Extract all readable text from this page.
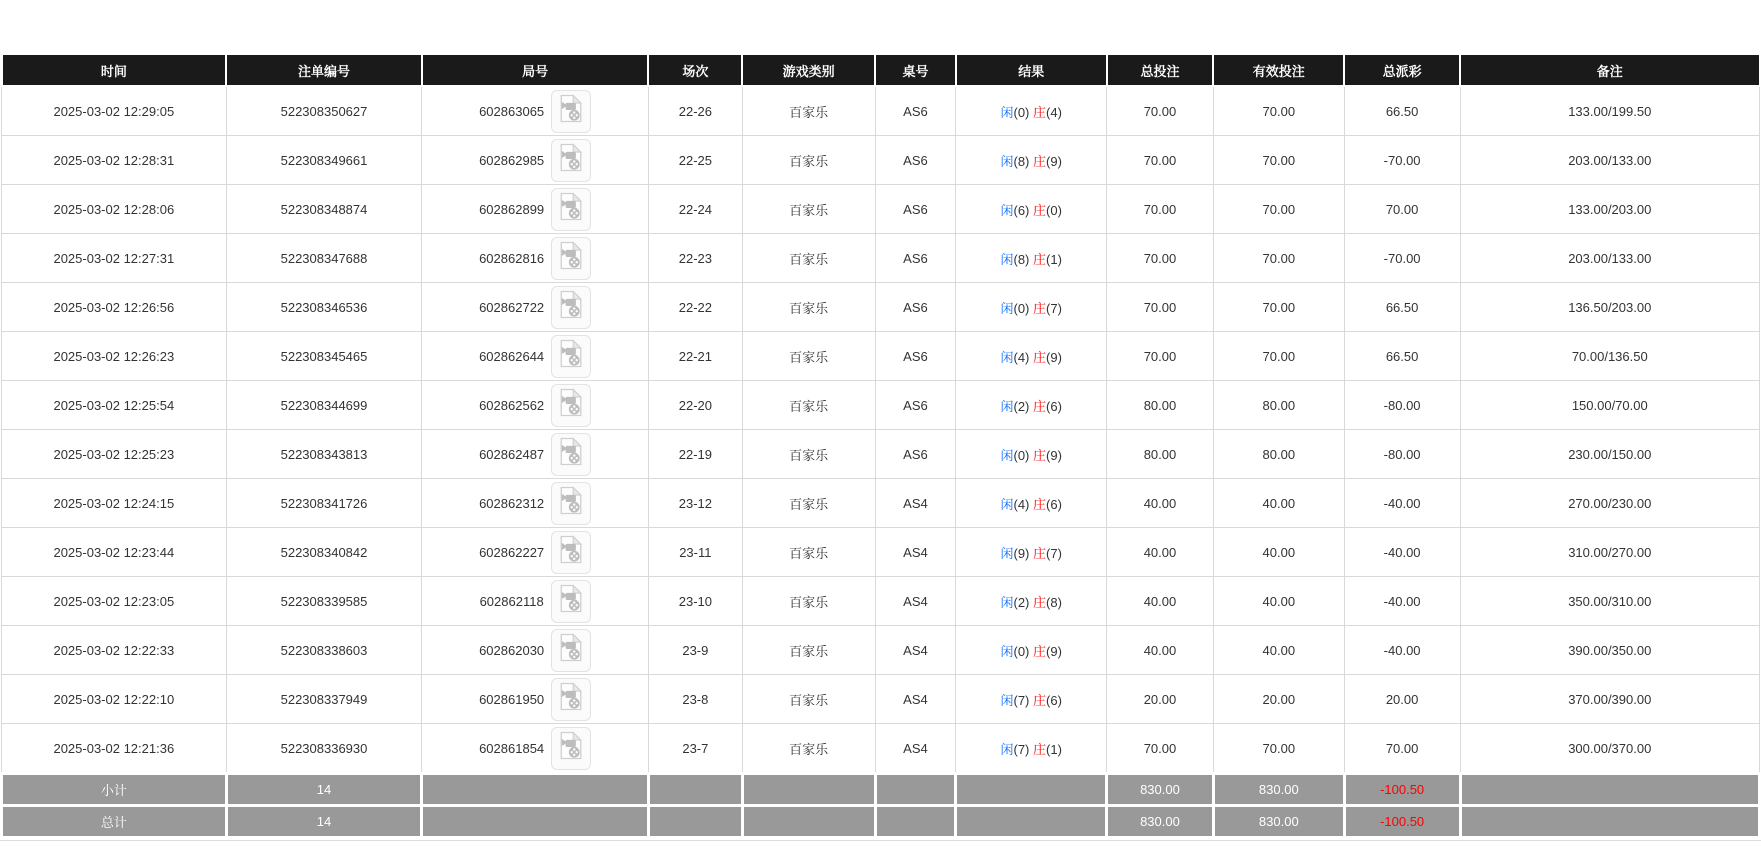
时间	注单编号	局号	场次	游戏类别	桌号	结果	总投注	有效投注	总派彩	备注
2025-03-02 12:29:05	522308350627	602863065	22-26	百家乐	AS6	闲(0) 庄(4)	70.00	70.00	66.50	133.00/199.50
2025-03-02 12:28:31	522308349661	602862985	22-25	百家乐	AS6	闲(8) 庄(9)	70.00	70.00	-70.00	203.00/133.00
2025-03-02 12:28:06	522308348874	602862899	22-24	百家乐	AS6	闲(6) 庄(0)	70.00	70.00	70.00	133.00/203.00
2025-03-02 12:27:31	522308347688	602862816	22-23	百家乐	AS6	闲(8) 庄(1)	70.00	70.00	-70.00	203.00/133.00
2025-03-02 12:26:56	522308346536	602862722	22-22	百家乐	AS6	闲(0) 庄(7)	70.00	70.00	66.50	136.50/203.00
2025-03-02 12:26:23	522308345465	602862644	22-21	百家乐	AS6	闲(4) 庄(9)	70.00	70.00	66.50	70.00/136.50
2025-03-02 12:25:54	522308344699	602862562	22-20	百家乐	AS6	闲(2) 庄(6)	80.00	80.00	-80.00	150.00/70.00
2025-03-02 12:25:23	522308343813	602862487	22-19	百家乐	AS6	闲(0) 庄(9)	80.00	80.00	-80.00	230.00/150.00
2025-03-02 12:24:15	522308341726	602862312	23-12	百家乐	AS4	闲(4) 庄(6)	40.00	40.00	-40.00	270.00/230.00
2025-03-02 12:23:44	522308340842	602862227	23-11	百家乐	AS4	闲(9) 庄(7)	40.00	40.00	-40.00	310.00/270.00
2025-03-02 12:23:05	522308339585	602862118	23-10	百家乐	AS4	闲(2) 庄(8)	40.00	40.00	-40.00	350.00/310.00
2025-03-02 12:22:33	522308338603	602862030	23-9	百家乐	AS4	闲(0) 庄(9)	40.00	40.00	-40.00	390.00/350.00
2025-03-02 12:22:10	522308337949	602861950	23-8	百家乐	AS4	闲(7) 庄(6)	20.00	20.00	20.00	370.00/390.00
2025-03-02 12:21:36	522308336930	602861854	23-7	百家乐	AS4	闲(7) 庄(1)	70.00	70.00	70.00	300.00/370.00
小计	14						830.00	830.00	-100.50	
总计	14						830.00	830.00	-100.50	
